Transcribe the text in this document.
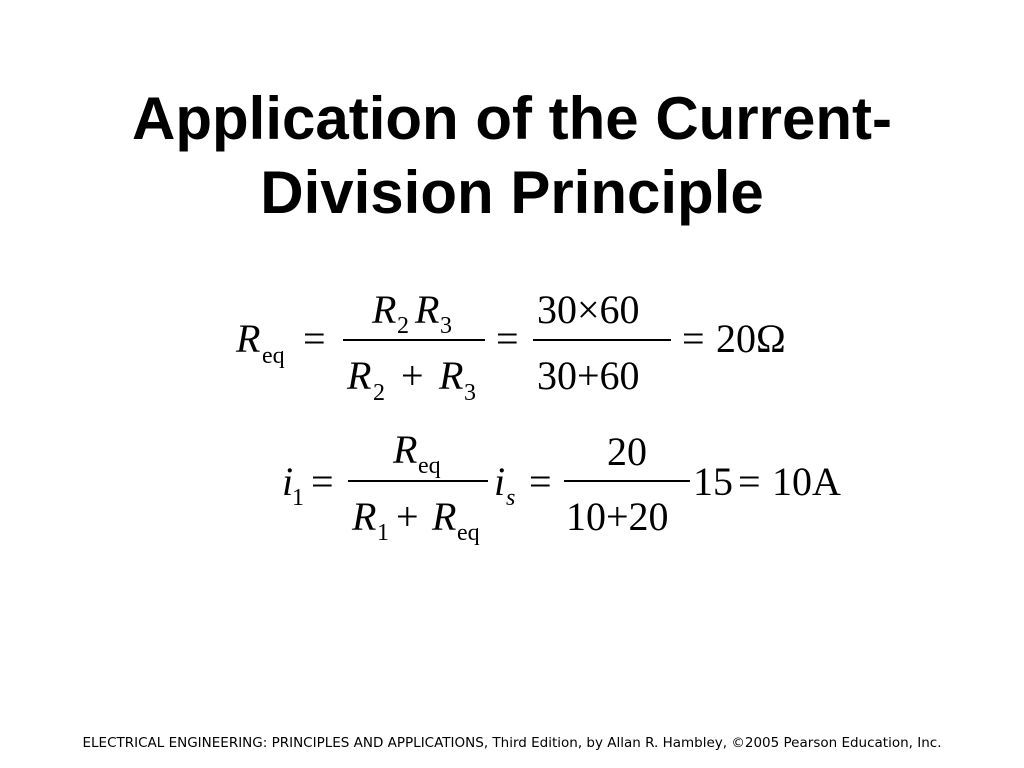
Application of the Current-
Division Principle
R eq =
R 2 R 3
R 2 + R 3
=
30×60
30+60
= 20Ω
i
1 =
R eq
R 1 + R eq
i s =
20
10+20
15 = 10A
ELECTRICAL ENGINEERING: PRINCIPLES AND APPLICATIONS, Third Edition, by Allan R. Hambley, ©2005 Pearson Education, Inc.
